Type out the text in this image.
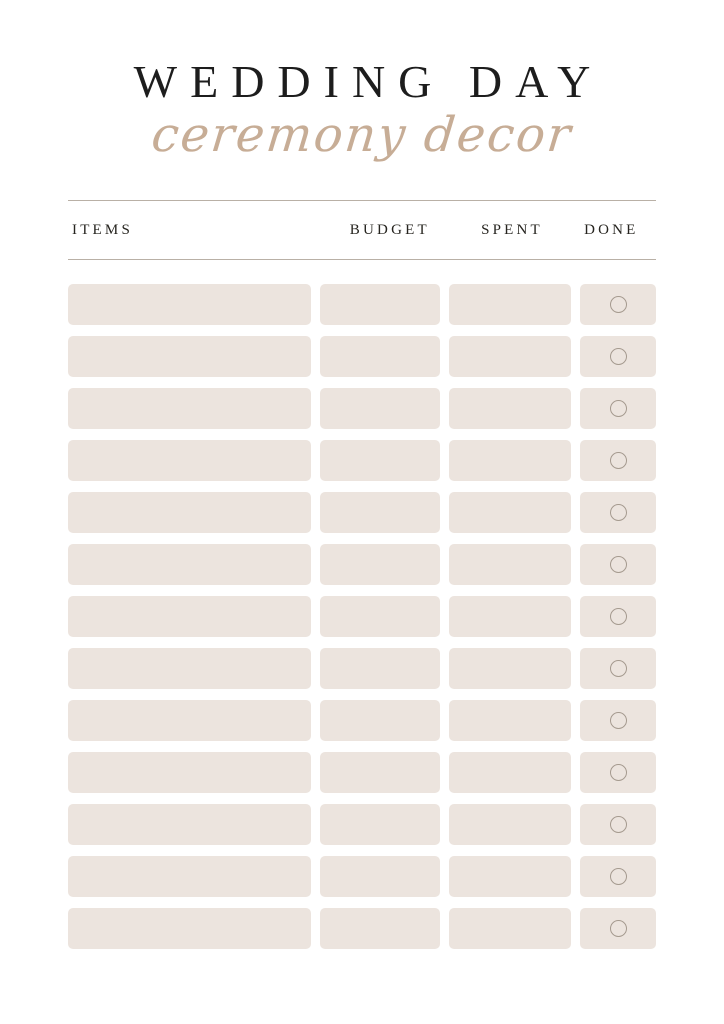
WEDDING DAY
ceremony decor
ITEMS	BUDGET	SPENT	DONE
